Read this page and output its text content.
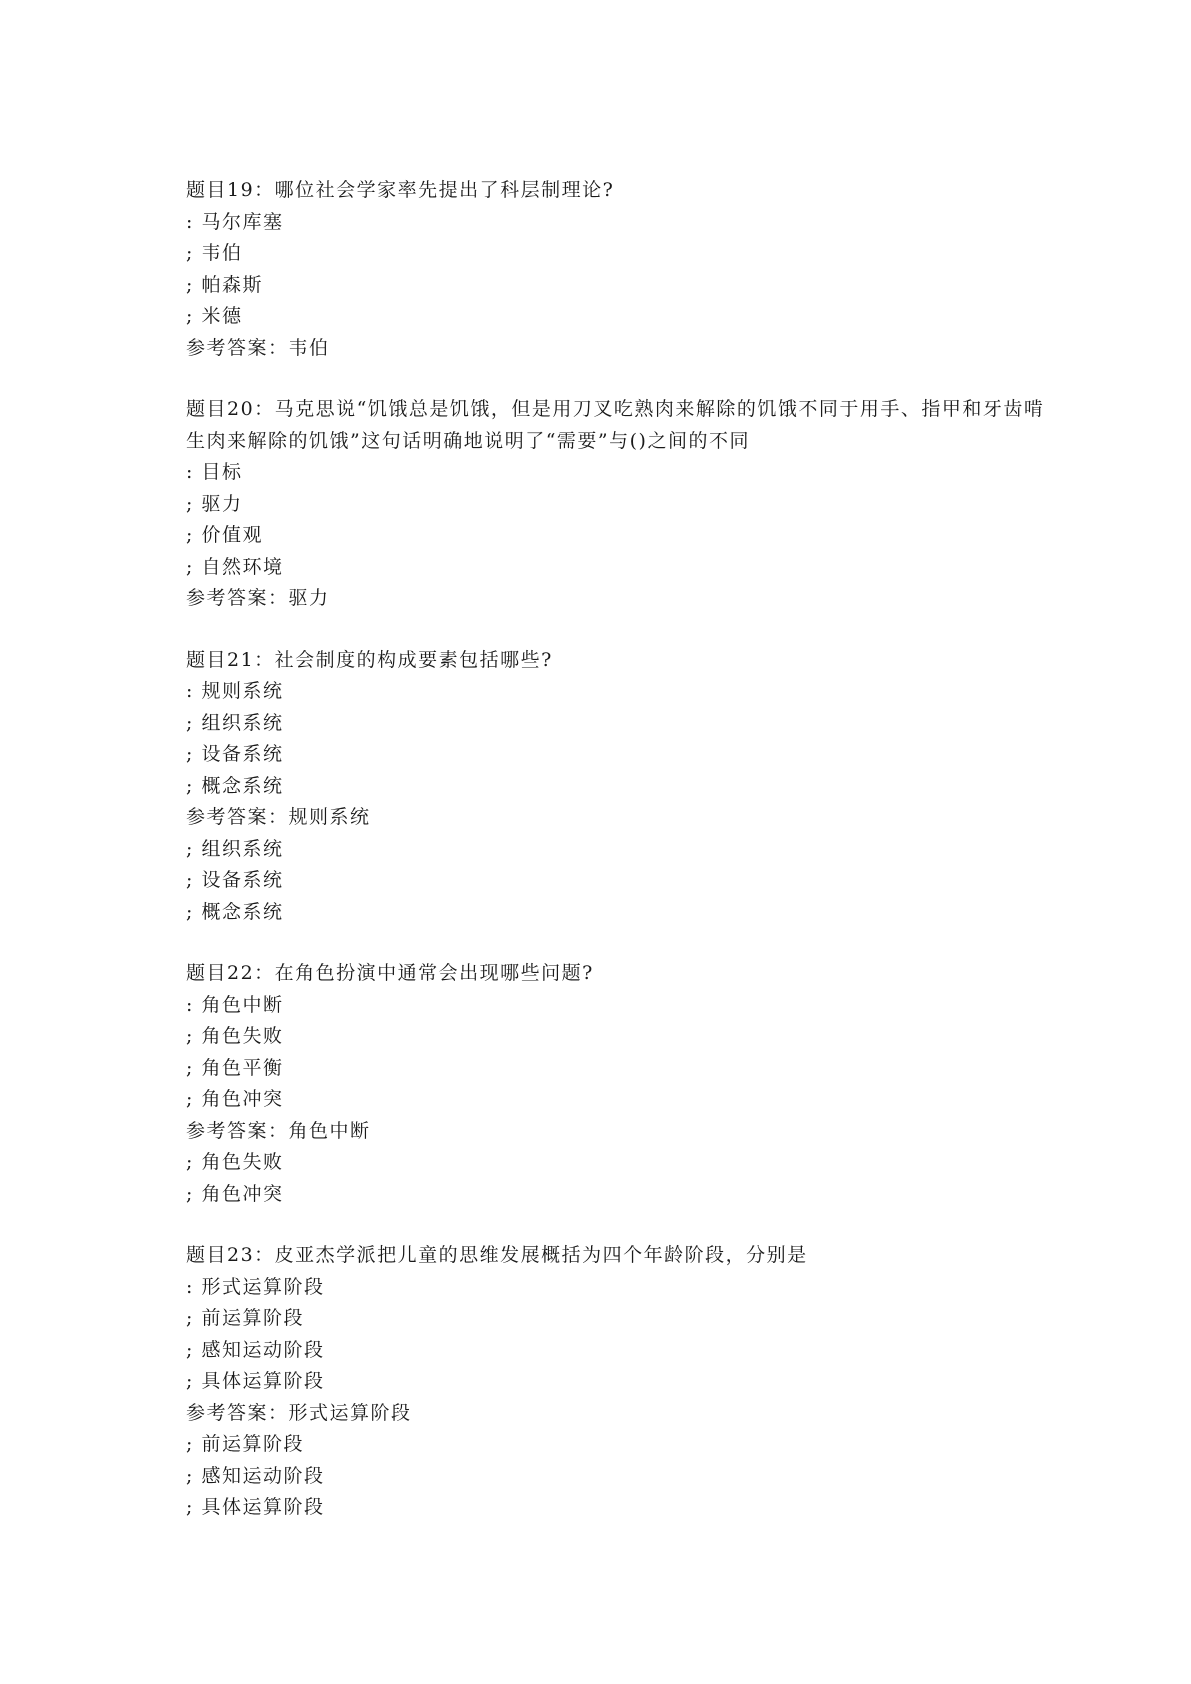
题目19：哪位社会学家率先提出了科层制理论?

: 马尔库塞

; 韦伯

; 帕森斯

; 米德

参考答案：韦伯

题目20：马克思说“饥饿总是饥饿，但是用刀叉吃熟肉来解除的饥饿不同于用手、指甲和牙齿啃生肉来解除的饥饿”这句话明确地说明了“需要”与()之间的不同

: 目标

; 驱力

; 价值观

; 自然环境

参考答案：驱力

题目21：社会制度的构成要素包括哪些?

: 规则系统

; 组织系统

; 设备系统

; 概念系统

参考答案：规则系统

; 组织系统

; 设备系统

; 概念系统

题目22：在角色扮演中通常会出现哪些问题?

: 角色中断

; 角色失败

; 角色平衡

; 角色冲突

参考答案：角色中断

; 角色失败

; 角色冲突

题目23：皮亚杰学派把儿童的思维发展概括为四个年龄阶段，分别是

: 形式运算阶段

; 前运算阶段

; 感知运动阶段

; 具体运算阶段

参考答案：形式运算阶段

; 前运算阶段

; 感知运动阶段

; 具体运算阶段
